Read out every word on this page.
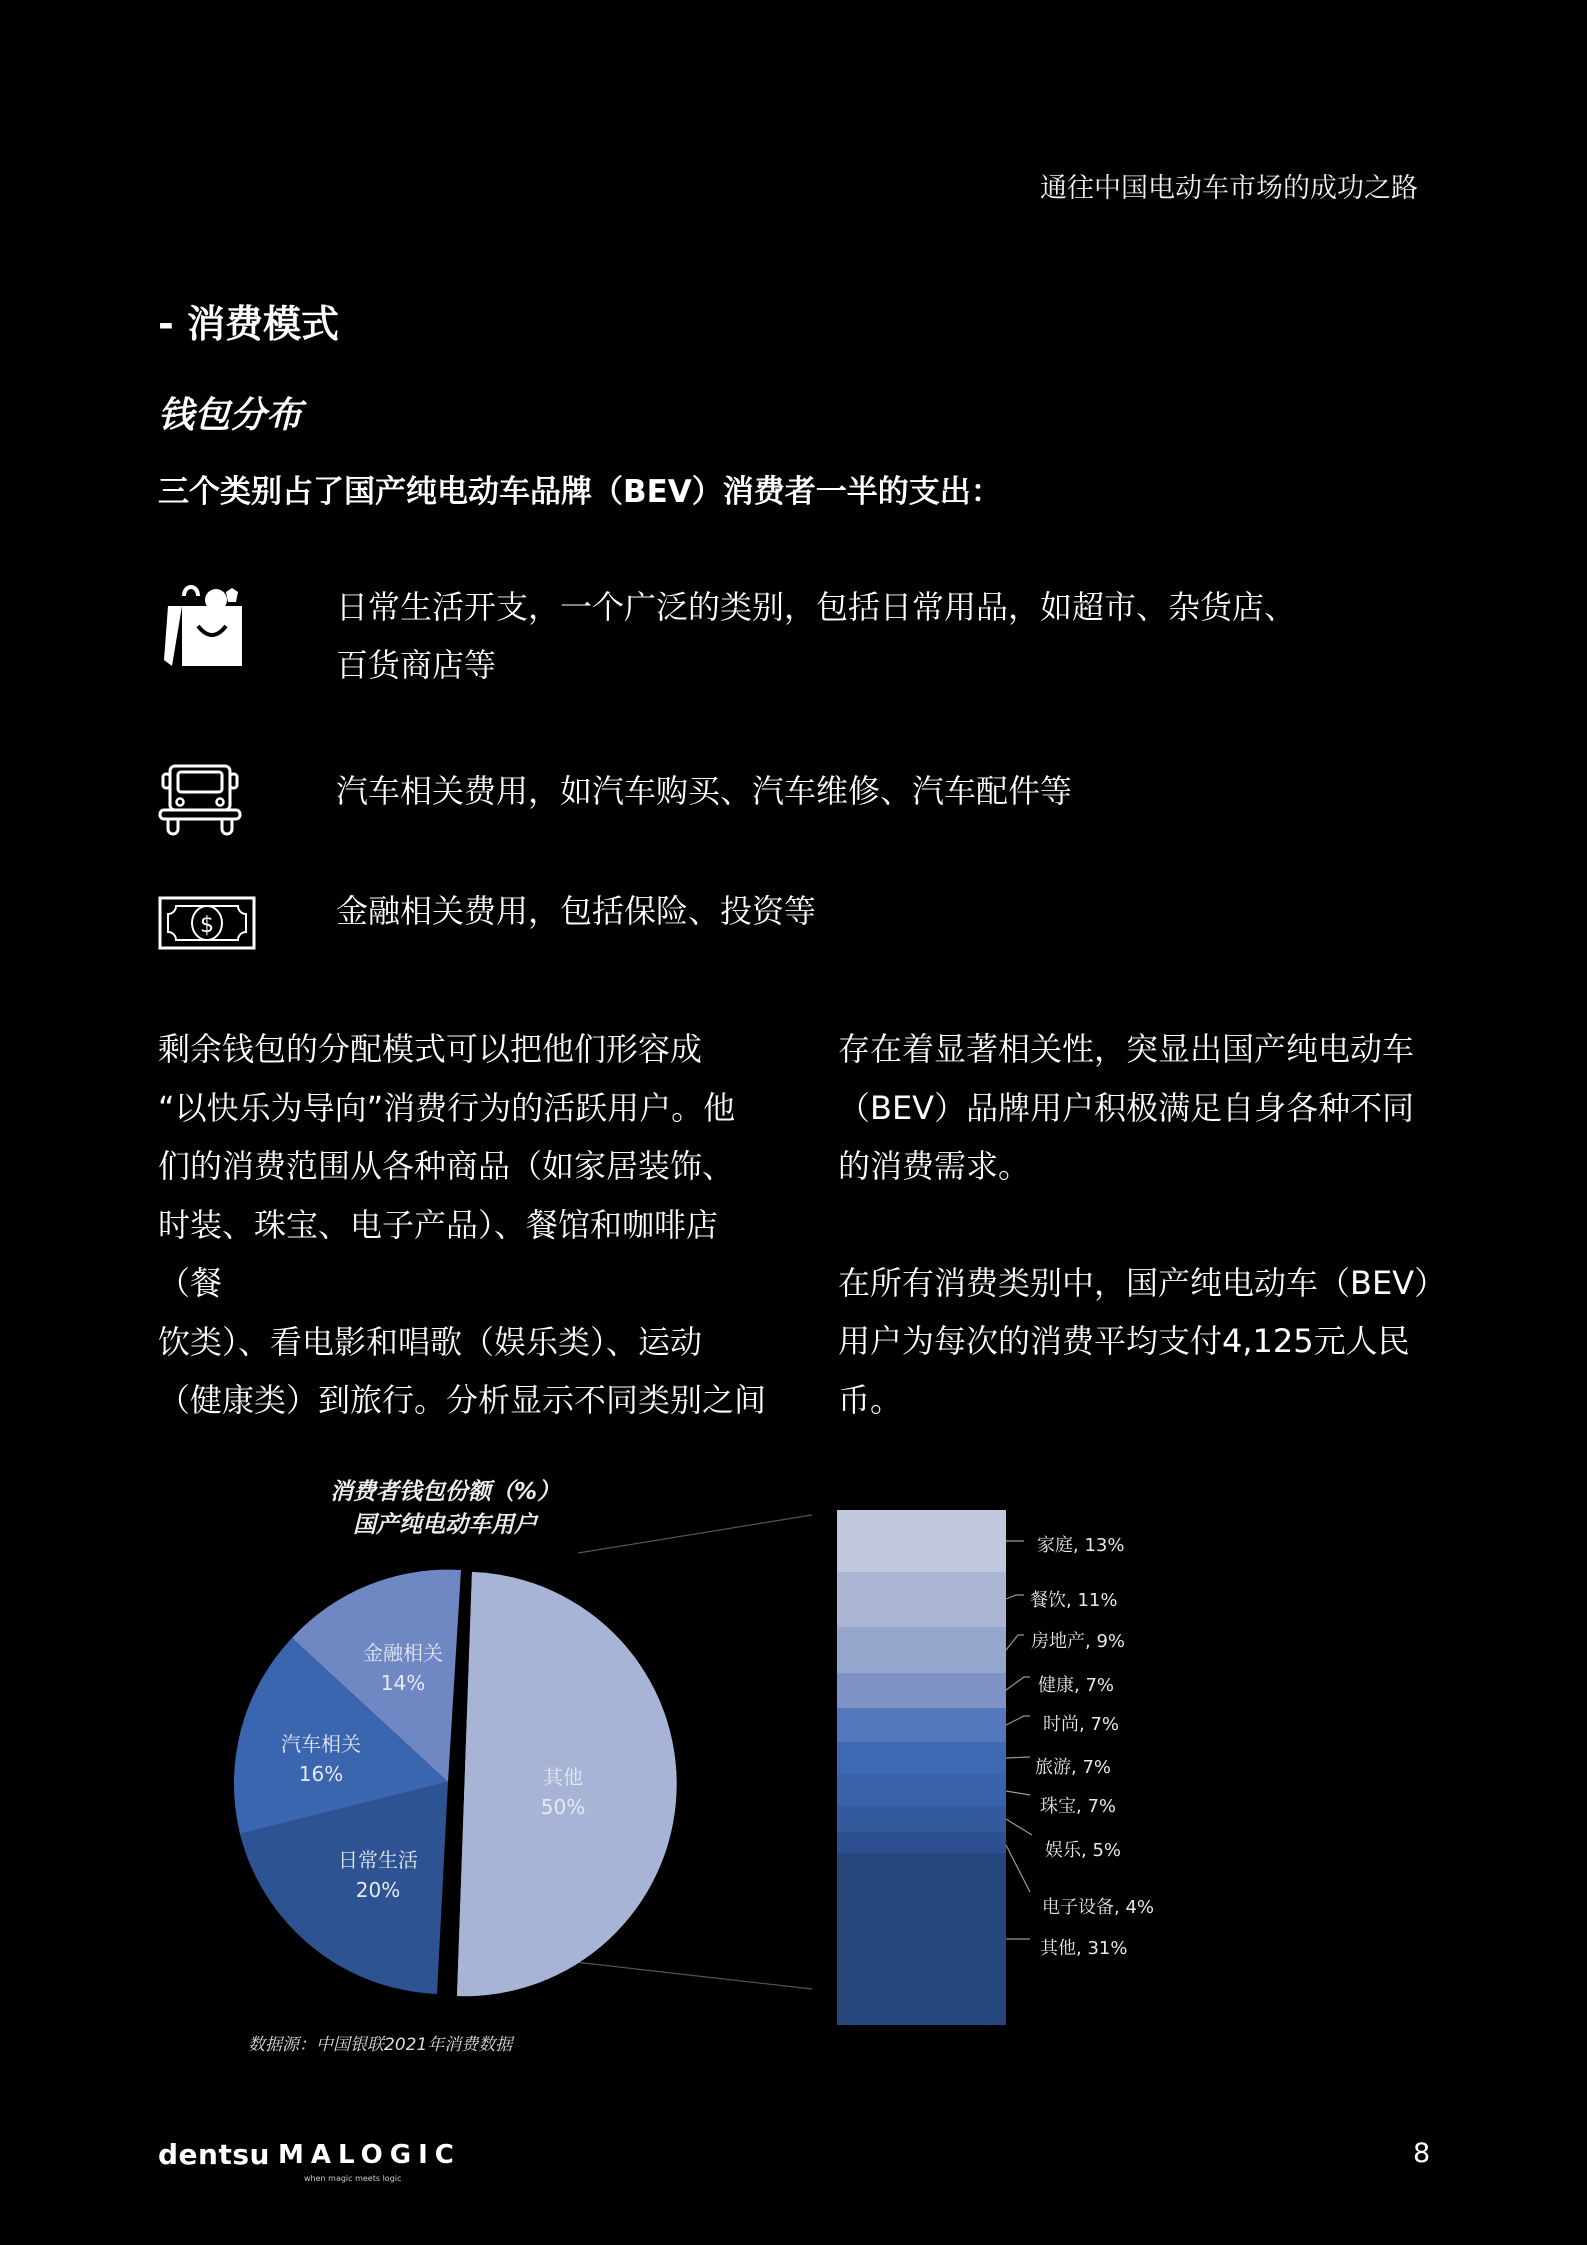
通往中国电动车市场的成功之路
- 消费模式
钱包分布
三个类别占了国产纯电动车品牌（BEV）消费者一半的支出：
日常生活开支，一个广泛的类别，包括日常用品，如超市、杂货店、
百货商店等
汽车相关费用，如汽车购买、汽车维修、汽车配件等
$	金融相关费用，包括保险、投资等

剩余钱包的分配模式可以把他们形容成

“以快乐为导向”消费行为的活跃用户。他

们的消费范围从各种商品（如家居装饰、

时装、珠宝、电子产品）、餐馆和咖啡店（餐

饮类）、看电影和唱歌（娱乐类）、运动

（健康类）到旅行。分析显示不同类别之间

存在着显著相关性，突显出国产纯电动车

（BEV）品牌用户积极满足自身各种不同

的消费需求。

在所有消费类别中，国产纯电动车（BEV）

用户为每次的消费平均支付4,125元人民

币。

消费者钱包份额（%）
国产纯电动车用户
其他
50%
日常生活
20%
汽车相关
16%
金融相关
14%
家庭, 13%
餐饮, 11%
房地产, 9%
健康, 7%
时尚, 7%
旅游, 7%
珠宝, 7%
娱乐, 5%
电子设备, 4%
其他, 31%
数据源：中国银联2021年消费数据
dentsu MALOGIC
when magic meets logic
8
